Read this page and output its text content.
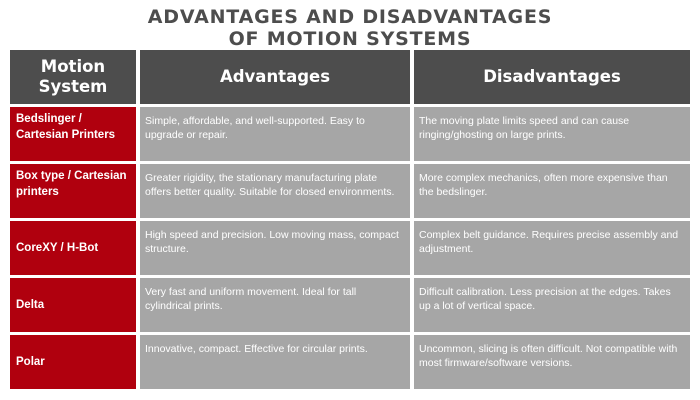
ADVANTAGES AND DISADVANTAGES
OF MOTION SYSTEMS
Motion
System
Advantages	Disadvantages
Bedslinger / Cartesian Printers
Simple, affordable, and well-supported. Easy to upgrade or repair.
The moving plate limits speed and can cause ringing/ghosting on large prints.
Box type / Cartesian printers
Greater rigidity, the stationary manufacturing plate offers better quality. Suitable for closed environments.
More complex mechanics, often more expensive than the bedslinger.
CoreXY / H-Bot
High speed and precision. Low moving mass, compact structure.
Complex belt guidance. Requires precise assembly and adjustment.
Delta
Very fast and uniform movement. Ideal for tall cylindrical prints.
Difficult calibration. Less precision at the edges. Takes up a lot of vertical space.
Polar
Innovative, compact. Effective for circular prints.	Uncommon, slicing is often difficult. Not compatible with most firmware/software versions.
